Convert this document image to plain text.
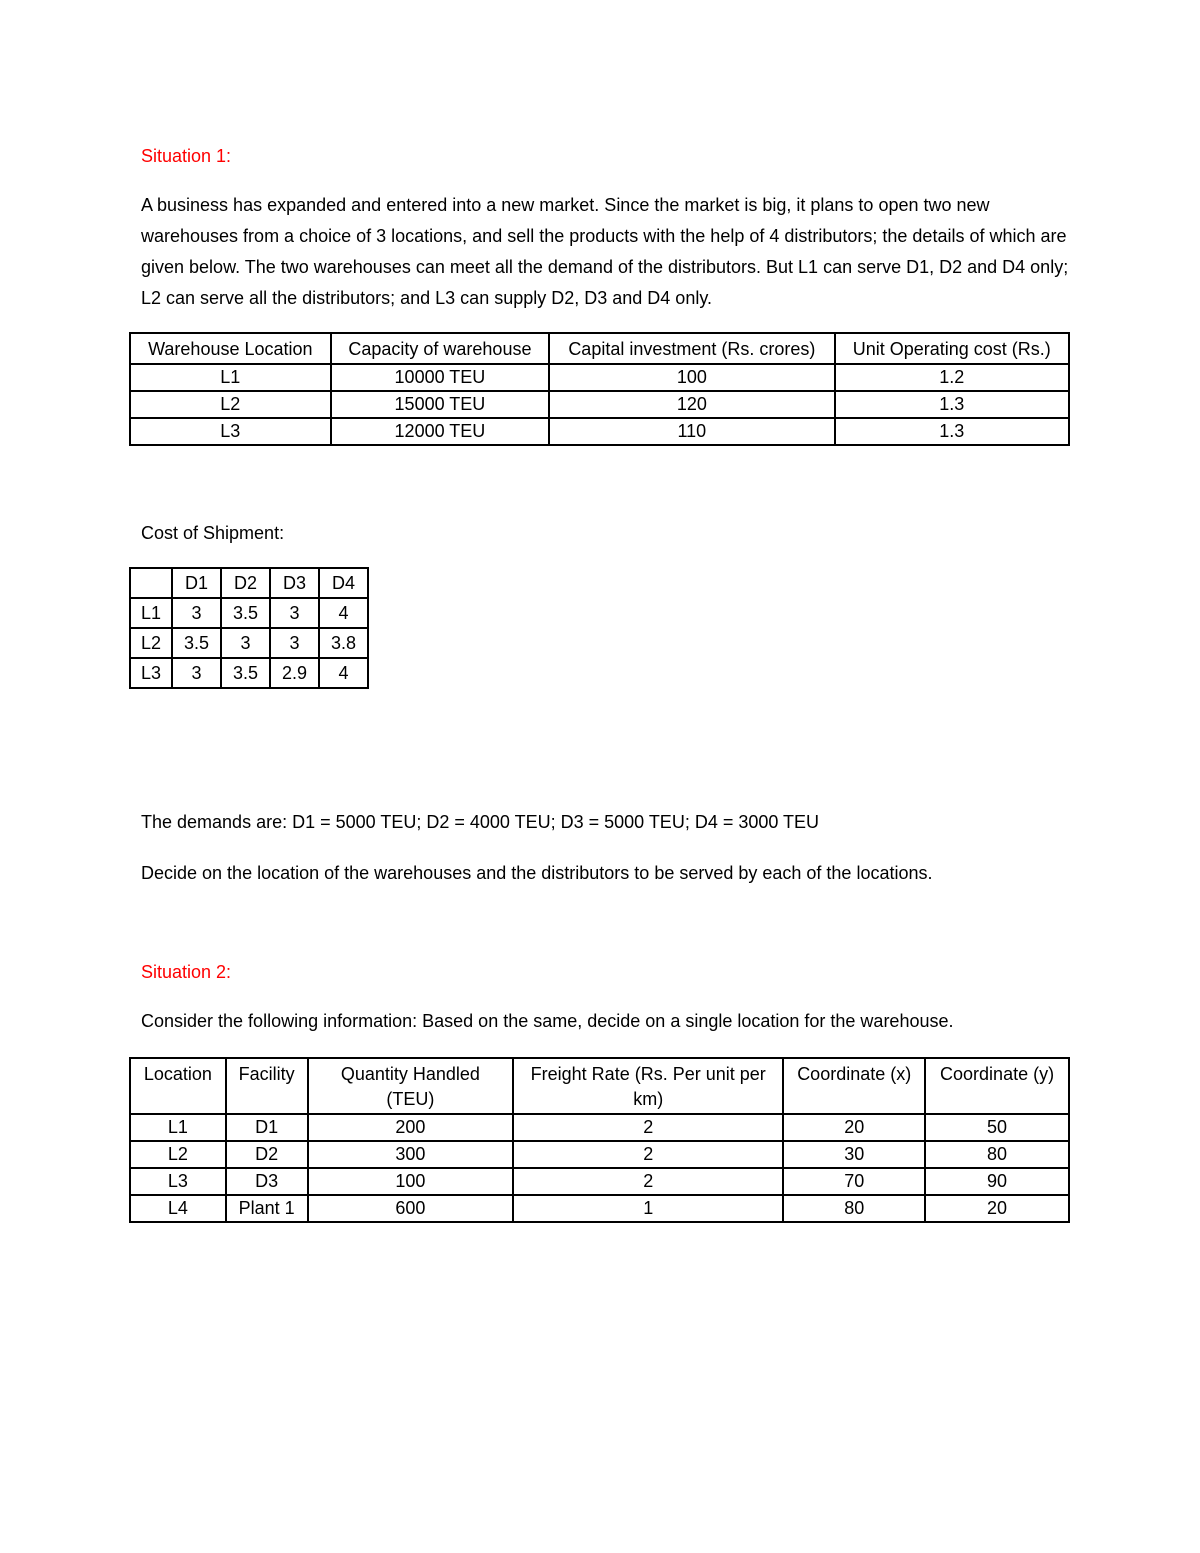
Situation 1:

A business has expanded and entered into a new market. Since the market is big, it plans to open two new warehouses from a choice of 3 locations, and sell the products with the help of 4 distributors; the details of which are given below. The two warehouses can meet all the demand of the distributors. But L1 can serve D1, D2 and D4 only; L2 can serve all the distributors; and L3 can supply D2, D3 and D4 only.

Warehouse Location	Capacity of warehouse	Capital investment (Rs. crores)	Unit Operating cost (Rs.)
L1	10000 TEU	100	1.2
L2	15000 TEU	120	1.3
L3	12000 TEU	110	1.3

Cost of Shipment:

	D1	D2	D3	D4
L1	3	3.5	3	4
L2	3.5	3	3	3.8
L3	3	3.5	2.9	4

The demands are: D1 = 5000 TEU; D2 = 4000 TEU; D3 = 5000 TEU; D4 = 3000 TEU

Decide on the location of the warehouses and the distributors to be served by each of the locations.

Situation 2:

Consider the following information: Based on the same, decide on a single location for the warehouse.

Location	Facility	Quantity Handled (TEU)	Freight Rate (Rs. Per unit per km)	Coordinate (x)	Coordinate (y)
L1	D1	200	2	20	50
L2	D2	300	2	30	80
L3	D3	100	2	70	90
L4	Plant 1	600	1	80	20
